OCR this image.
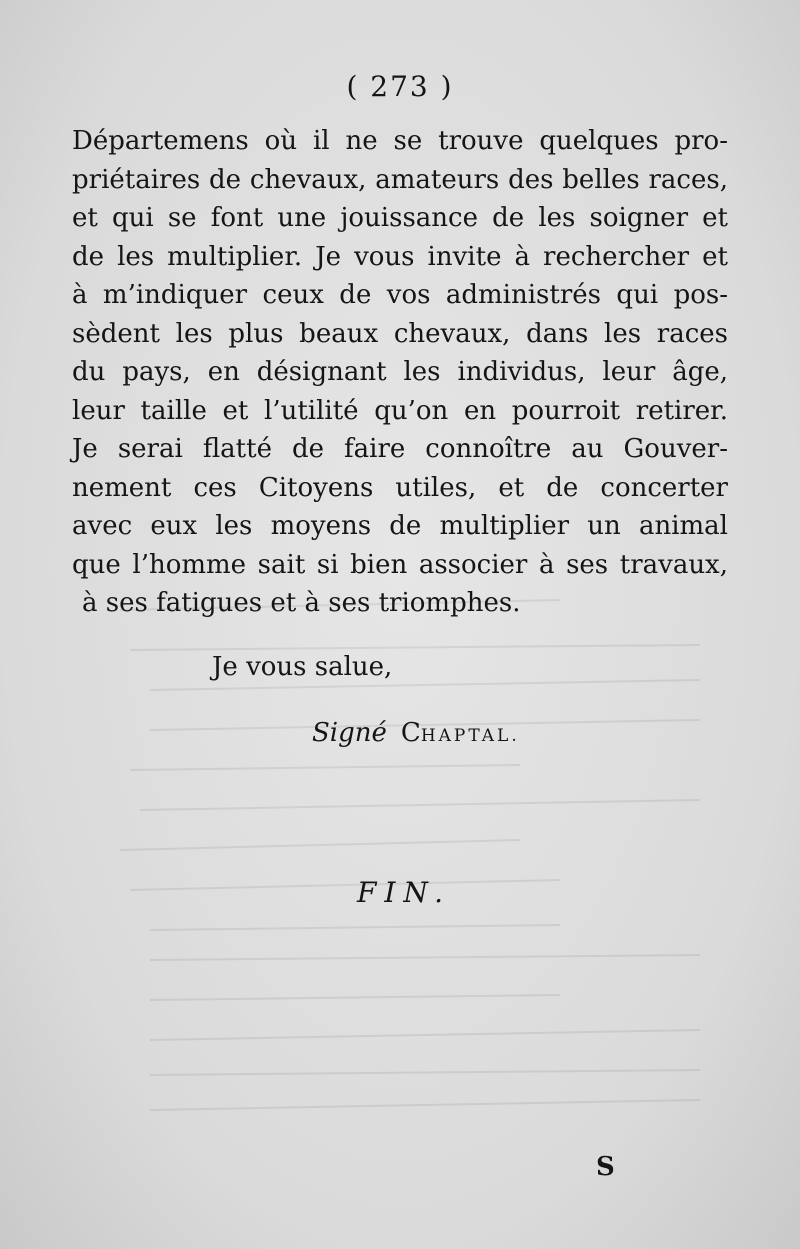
( 273 )
Départemens où il ne se trouve quelques pro-
priétaires de chevaux, amateurs des belles races,
et qui se font une jouissance de les soigner et
de les multiplier. Je vous invite à rechercher et
à m’indiquer ceux de vos administrés qui pos-
sèdent les plus beaux chevaux, dans les races
du pays, en désignant les individus, leur âge,
leur taille et l’utilité qu’on en pourroit retirer.
Je serai flatté de faire connoître au Gouver-
nement ces Citoyens utiles, et de concerter
avec eux les moyens de multiplier un animal
que l’homme sait si bien associer à ses travaux,
à ses fatigues et à ses triomphes.
Je vous salue,
Signé CHAPTAL.
FIN.
S
